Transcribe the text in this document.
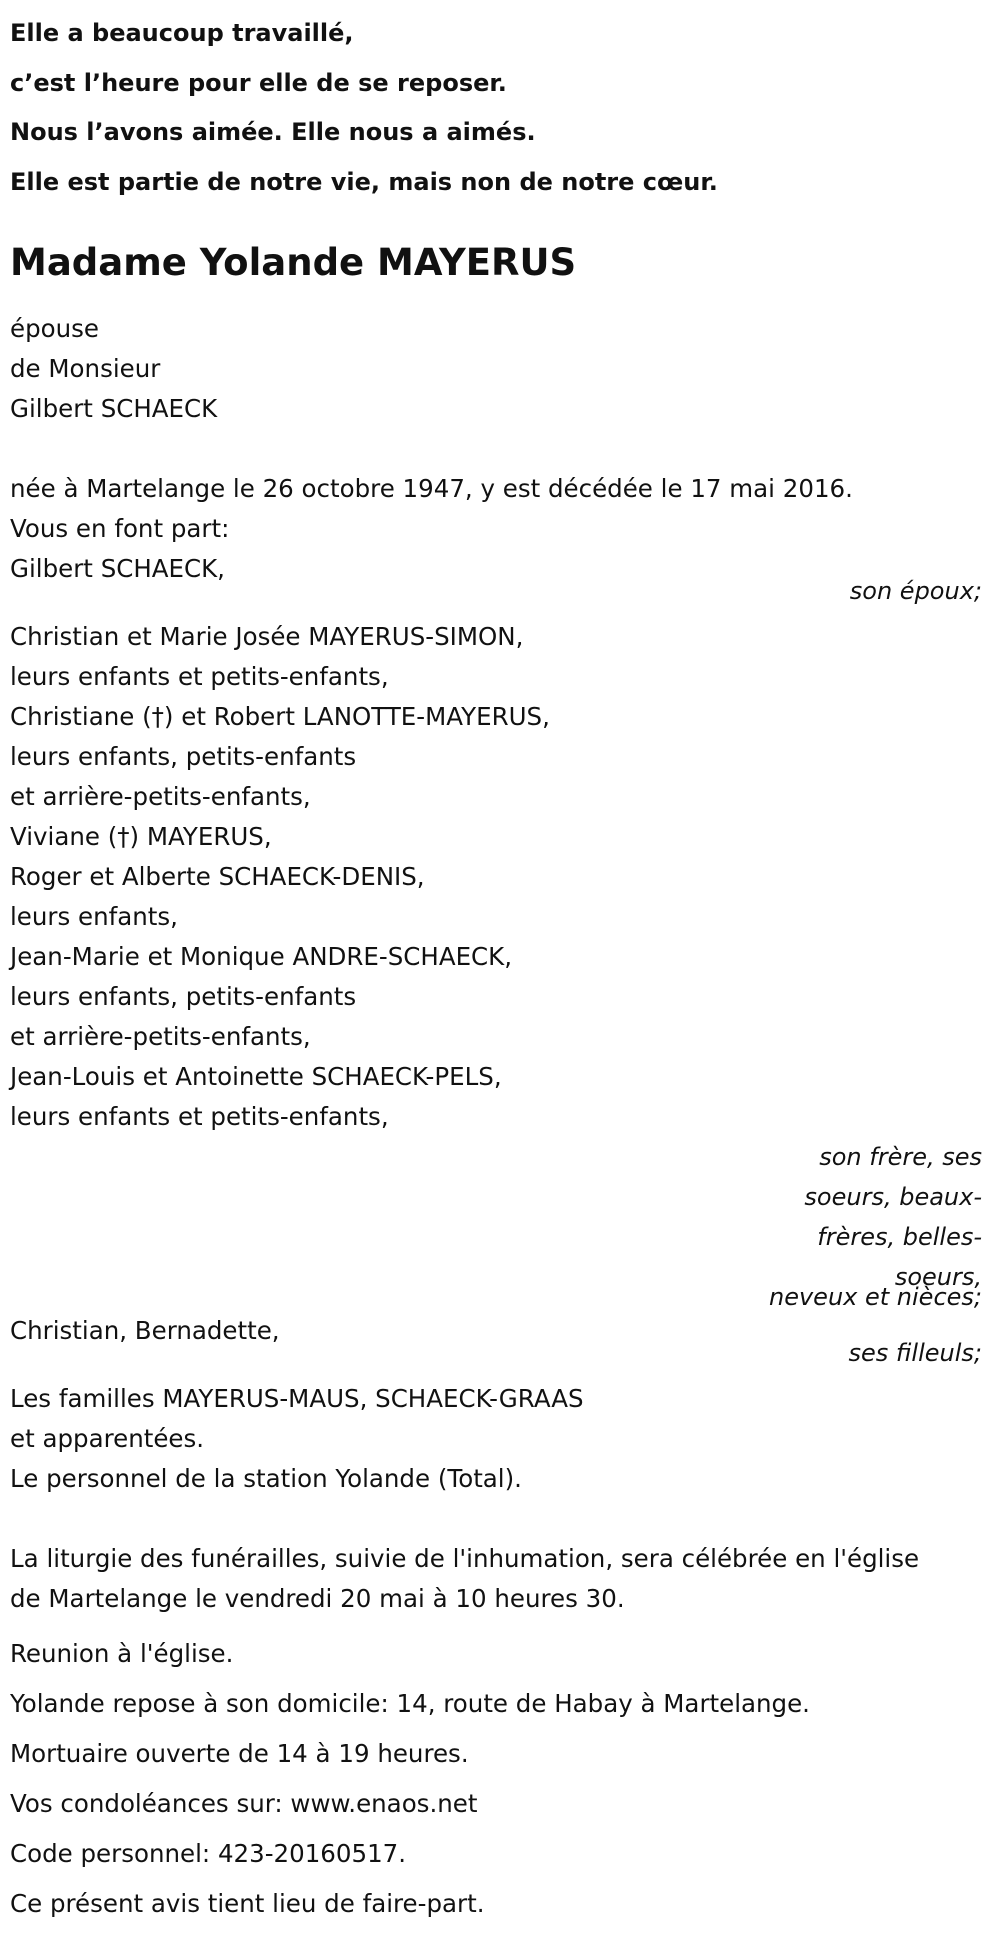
Elle a beaucoup travaillé,
c’est l’heure pour elle de se reposer.
Nous l’avons aimée. Elle nous a aimés.
Elle est partie de notre vie, mais non de notre cœur.
Madame Yolande MAYERUS
épouse
de Monsieur
Gilbert SCHAECK
née à Martelange le 26 octobre 1947, y est décédée le 17 mai 2016.
Vous en font part:
Gilbert SCHAECK,
son époux;
Christian et Marie Josée MAYERUS-SIMON,
leurs enfants et petits-enfants,
Christiane (†) et Robert LANOTTE-MAYERUS,
leurs enfants, petits-enfants
et arrière-petits-enfants,
Viviane (†) MAYERUS,
Roger et Alberte SCHAECK-DENIS,
leurs enfants,
Jean-Marie et Monique ANDRE-SCHAECK,
leurs enfants, petits-enfants
et arrière-petits-enfants,
Jean-Louis et Antoinette SCHAECK-PELS,
leurs enfants et petits-enfants,
son frère, ses soeurs, beaux-frères, belles-soeurs,
neveux et nièces;
Christian, Bernadette,
ses filleuls;
Les familles MAYERUS-MAUS, SCHAECK-GRAAS
et apparentées.
Le personnel de la station Yolande (Total).
La liturgie des funérailles, suivie de l'inhumation, sera célébrée en l'église
de Martelange le vendredi 20 mai à 10 heures 30.
Reunion à l'église.
Yolande repose à son domicile: 14, route de Habay à Martelange.
Mortuaire ouverte de 14 à 19 heures.
Vos condoléances sur: www.enaos.net
Code personnel: 423-20160517.
Ce présent avis tient lieu de faire-part.
